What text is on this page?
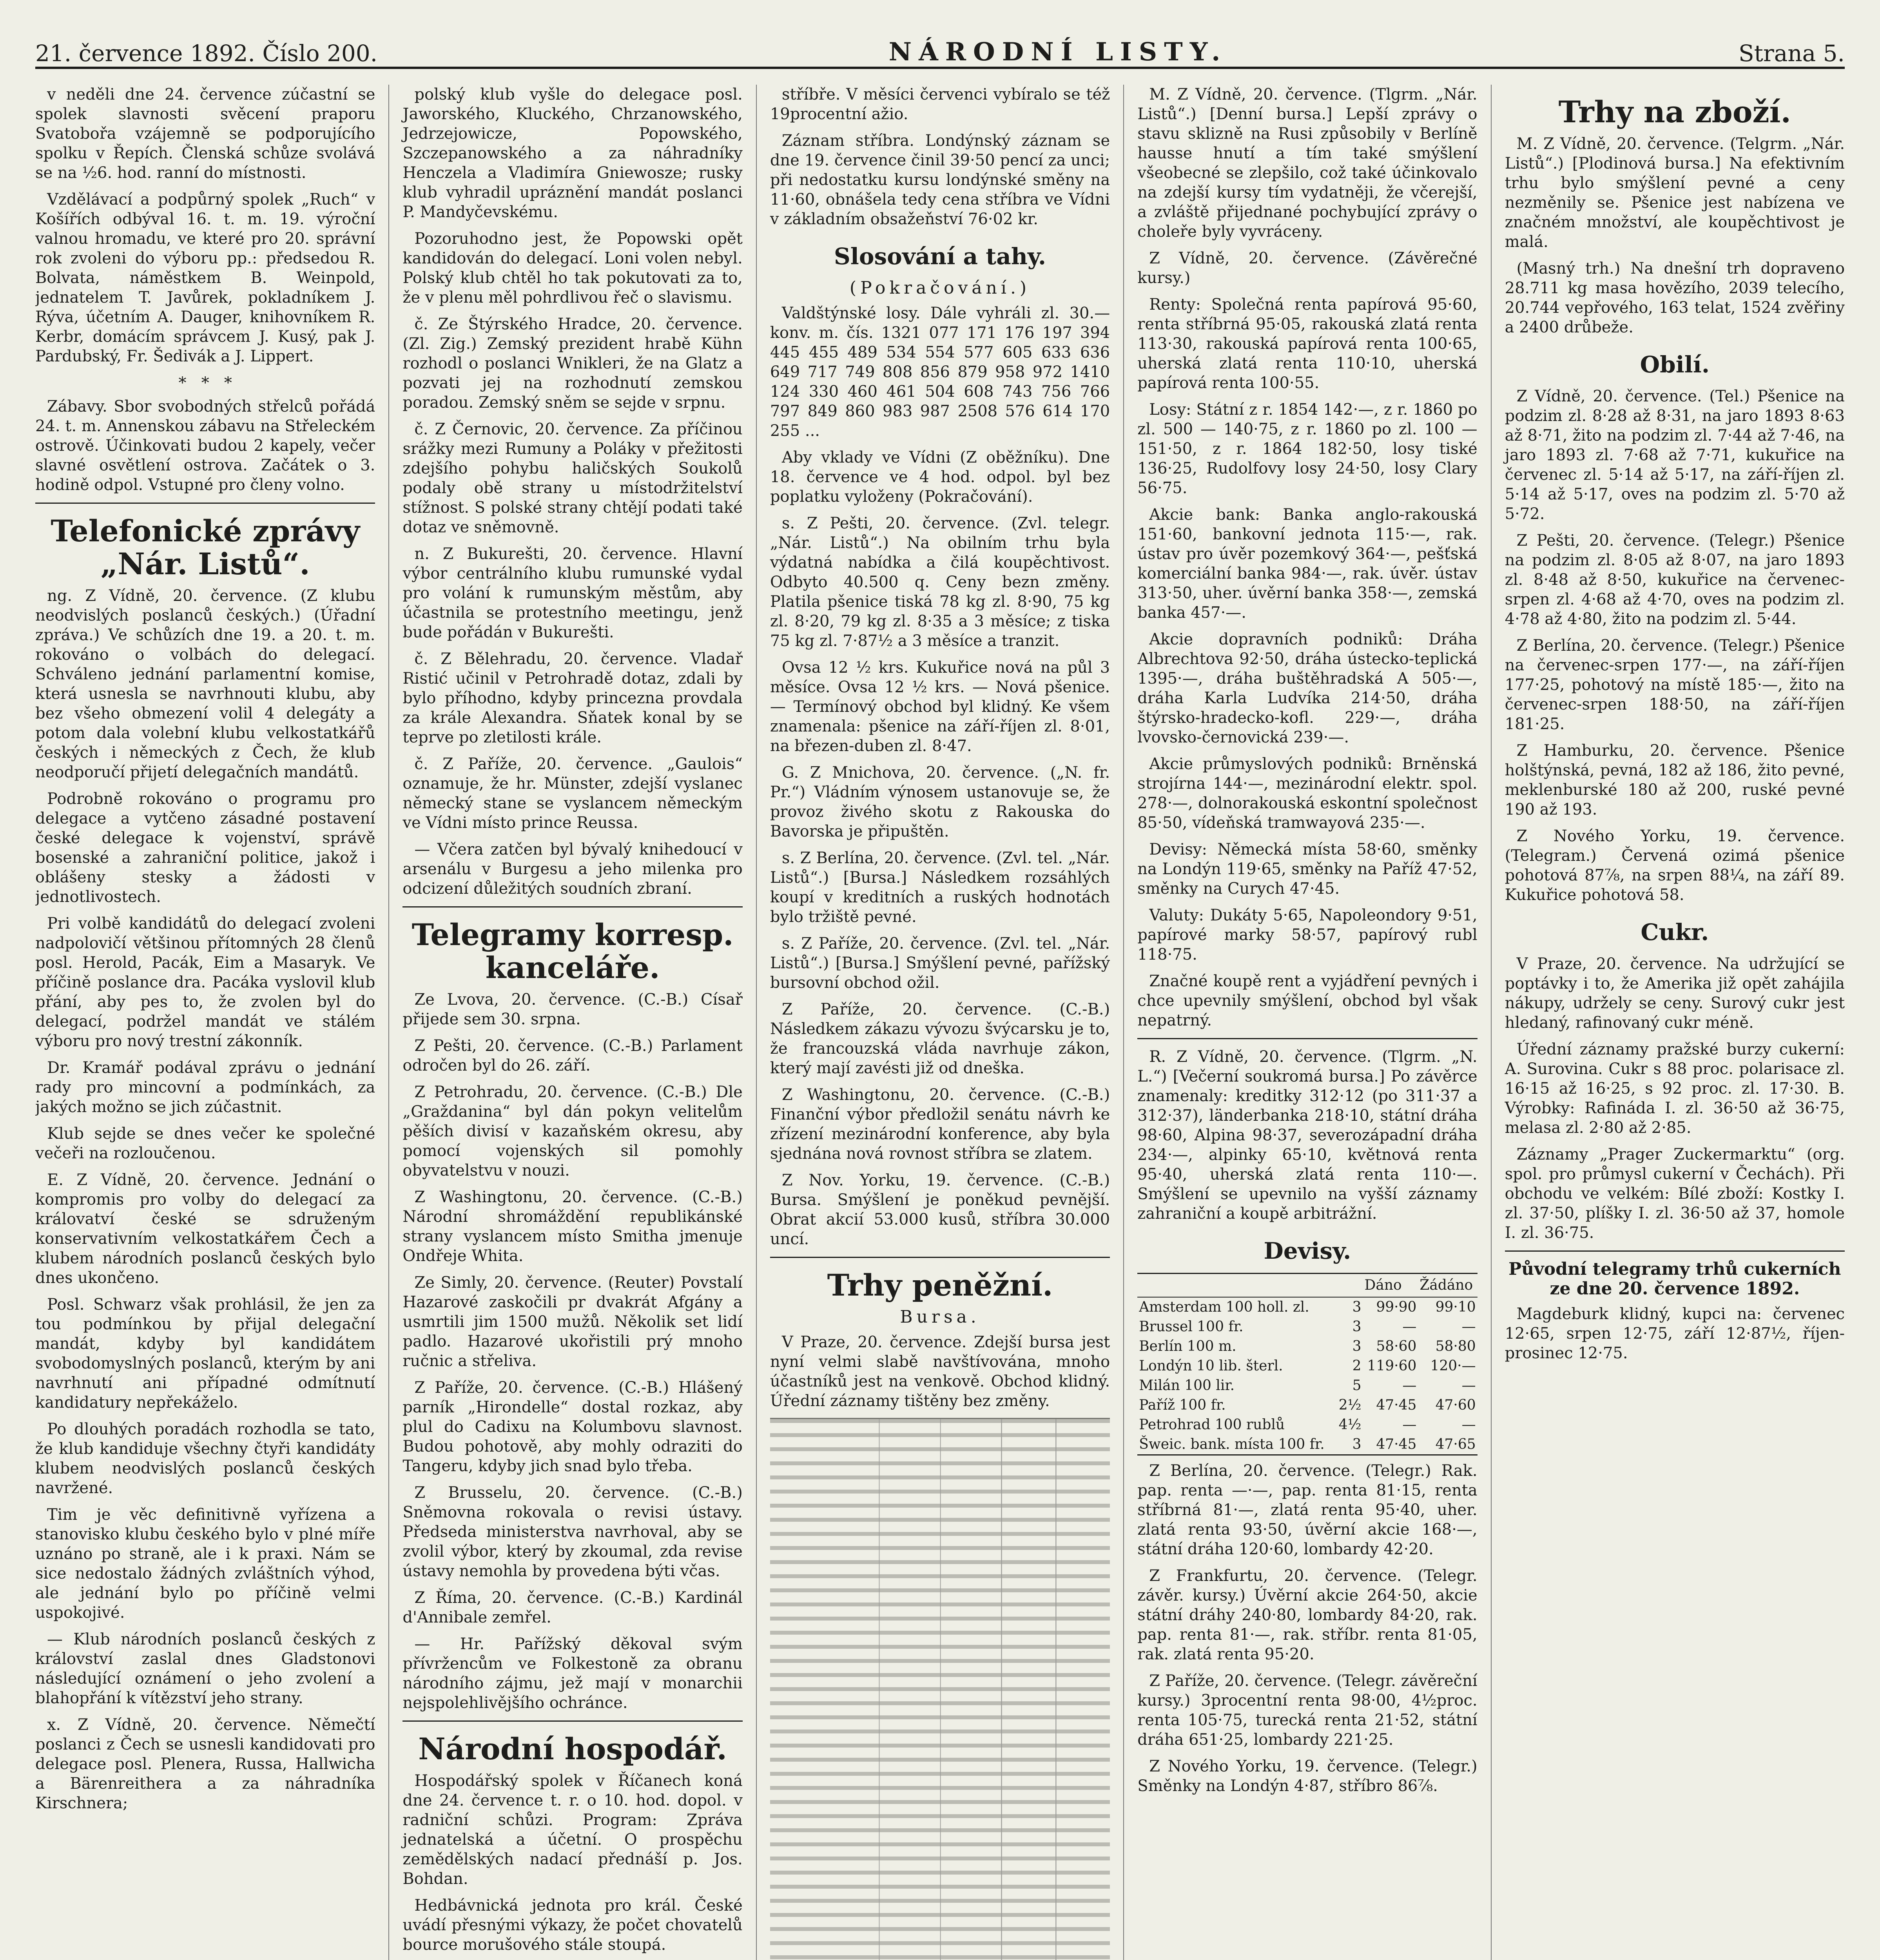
21. července 1892. Číslo 200.	NÁRODNÍ LISTY.	Strana 5.

v neděli dne 24. července zúčastní se spolek slavnosti svěcení praporu Svatobořa vzájemně se podporujícího spolku v Řepích. Členská schůze svolává se na ½6. hod. ranní do místnosti.

Vzdělávací a podpůrný spolek „Ruch“ v Košířích odbýval 16. t. m. 19. výroční valnou hromadu, ve které pro 20. správní rok zvoleni do výboru pp.: předsedou R. Bolvata, náměstkem B. Weinpold, jednatelem T. Javůrek, pokladníkem J. Rýva, účetním A. Dauger, knihovníkem R. Kerbr, domácím správcem J. Kusý, pak J. Pardubský, Fr. Šedivák a J. Lippert.

*   *   *

Zábavy. Sbor svobodných střelců pořádá 24. t. m. Annenskou zábavu na Střeleckém ostrově. Účinkovati budou 2 kapely, večer slavné osvětlení ostrova. Začátek o 3. hodině odpol. Vstupné pro členy volno.

Telefonické zprávy „Nár. Listů“.

ng. Z Vídně, 20. července. (Z klubu neodvislých poslanců českých.) (Úřadní zpráva.) Ve schůzích dne 19. a 20. t. m. rokováno o volbách do delegací. Schváleno jednání parlamentní komise, která usnesla se navrhnouti klubu, aby bez všeho obmezení volil 4 delegáty a potom dala volební klubu velkostatkářů českých i německých z Čech, že klub neodporučí přijetí delegačních mandátů.

Podrobně rokováno o programu pro delegace a vytčeno zásadné postavení české delegace k vojenství, správě bosenské a zahraniční politice, jakož i oblášeny stesky a žádosti v jednotlivostech.

Pri volbě kandidátů do delegací zvoleni nadpolovičí většinou přítomných 28 členů posl. Herold, Pacák, Eim a Masaryk. Ve příčině poslance dra. Pacáka vyslovil klub přání, aby pes to, že zvolen byl do delegací, podržel mandát ve stálém výboru pro nový trestní zákonník.

Dr. Kramář podával zprávu o jednání rady pro mincovní a podmínkách, za jakých možno se jich zúčastnit.

Klub sejde se dnes večer ke společné večeři na rozloučenou.

E. Z Vídně, 20. července. Jednání o kompromis pro volby do delegací za královatví české se sdruženým konservativním velkostatkářem Čech a klubem národních poslanců českých bylo dnes ukončeno.

Posl. Schwarz však prohlásil, že jen za tou podmínkou by přijal delegační mandát, kdyby byl kandidátem svobodomyslných poslanců, kterým by ani navrhnutí ani případné odmítnutí kandidatury nepřekáželo.

Po dlouhých poradách rozhodla se tato, že klub kandiduje všechny čtyři kandidáty klubem neodvislých poslanců českých navržené.

Tim je věc definitivně vyřízena a stanovisko klubu českého bylo v plné míře uznáno po straně, ale i k praxi. Nám se sice nedostalo žádných zvláštních výhod, ale jednání bylo po příčině velmi uspokojivé.

— Klub národních poslanců českých z království zaslal dnes Gladstonovi následující oznámení o jeho zvolení a blahopřání k vítězství jeho strany.

x. Z Vídně, 20. července. Němečtí poslanci z Čech se usnesli kandidovati pro delegace posl. Plenera, Russa, Hallwicha a Bärenreithera a za náhradníka Kirschnera;

polský klub vyšle do delegace posl. Jaworského, Kluckého, Chrzanowského, Jedrzejowicze, Popowského, Szczepanowského a za náhradníky Henczela a Vladimíra Gniewosze; rusky klub vyhradil upráznění mandát poslanci P. Mandyčevskému.

Pozoruhodno jest, že Popowski opět kandidován do delegací. Loni volen nebyl. Polský klub chtěl ho tak pokutovati za to, že v plenu měl pohrdlivou řeč o slavismu.

č. Ze Štýrského Hradce, 20. července. (Zl. Zig.) Zemský prezident hrabě Kühn rozhodl o poslanci Wnikleri, že na Glatz a pozvati jej na rozhodnutí zemskou poradou. Zemský sněm se sejde v srpnu.

č. Z Černovic, 20. července. Za příčinou srážky mezi Rumuny a Poláky v přežitosti zdejšího pohybu haličských Soukolů podaly obě strany u místodržitelství stížnost. S polské strany chtějí podati také dotaz ve sněmovně.

n. Z Bukurešti, 20. července. Hlavní výbor centrálního klubu rumunské vydal pro volání k rumunským městům, aby účastnila se protestního meetingu, jenž bude pořádán v Bukurešti.

č. Z Bělehradu, 20. července. Vladař Ristić učinil v Petrohradě dotaz, zdali by bylo příhodno, kdyby princezna provdala za krále Alexandra. Sňatek konal by se teprve po zletilosti krále.

č. Z Paříže, 20. července. „Gaulois“ oznamuje, že hr. Münster, zdejší vyslanec německý stane se vyslancem německým ve Vídni místo prince Reussa.

— Včera zatčen byl bývalý knihedoucí v arsenálu v Burgesu a jeho milenka pro odcizení důležitých soudních zbraní.

Telegramy korresp. kanceláře.

Ze Lvova, 20. července. (C.-B.) Císař přijede sem 30. srpna.

Z Pešti, 20. července. (C.-B.) Parlament odročen byl do 26. září.

Z Petrohradu, 20. července. (C.-B.) Dle „Graždanina“ byl dán pokyn velitelům pěších divisí v kazaňském okresu, aby pomocí vojenských sil pomohly obyvatelstvu v nouzi.

Z Washingtonu, 20. července. (C.-B.) Národní shromáždění republikánské strany vyslancem místo Smitha jmenuje Ondřeje Whita.

Ze Simly, 20. července. (Reuter) Povstalí Hazarové zaskočili pr dvakrát Afgány a usmrtili jim 1500 mužů. Několik set lidí padlo. Hazarové ukořistili prý mnoho ručnic a střeliva.

Z Paříže, 20. července. (C.-B.) Hlášený parník „Hirondelle“ dostal rozkaz, aby plul do Cadixu na Kolumbovu slavnost. Budou pohotově, aby mohly odraziti do Tangeru, kdyby jich snad bylo třeba.

Z Brusselu, 20. července. (C.-B.) Sněmovna rokovala o revisi ústavy. Předseda ministerstva navrhoval, aby se zvolil výbor, který by zkoumal, zda revise ústavy nemohla by provedena býti včas.

Z Říma, 20. července. (C.-B.) Kardinál d'Annibale zemřel.

— Hr. Pařížský děkoval svým přívržencům ve Folkestoně za obranu národního zájmu, jež mají v monarchii nejspolehlivějšího ochránce.

Národní hospodář.

Hospodářský spolek v Říčanech koná dne 24. července t. r. o 10. hod. dopol. v radniční schůzi. Program: Zpráva jednatelská a účetní. O prospěchu zemědělských nadací přednáší p. Jos. Bohdan.

Hedbávnická jednota pro král. České uvádí přesnými výkazy, že počet chovatelů bource morušového stále stoupá.

stříbře. V měsíci červenci vybíralo se též 19procentní ažio.

Záznam stříbra. Londýnský záznam se dne 19. července činil 39·50 pencí za unci; při nedostatku kursu londýnské směny na 11·60, obnášela tedy cena stříbra ve Vídni v základním obsažeňství 76·02 kr.

Slosování a tahy.
(Pokračování.)

Valdštýnské losy. Dále vyhráli zl. 30.— konv. m. čís. 1321 077 171 176 197 394 445 455 489 534 554 577 605 633 636 649 717 749 808 856 879 958 972 1410 124 330 460 461 504 608 743 756 766 797 849 860 983 987 2508 576 614 170 255 ...

Aby vklady ve Vídni (Z oběžníku). Dne 18. července ve 4 hod. odpol. byl bez poplatku vyloženy (Pokračování).

s. Z Pešti, 20. července. (Zvl. telegr. „Nár. Listů“.) Na obilním trhu byla výdatná nabídka a čilá koupěchtivost. Odbyto 40.500 q. Ceny bezn změny. Platila pšenice tiská 78 kg zl. 8·90, 75 kg zl. 8·20, 79 kg zl. 8·35 a 3 měsíce; z tiska 75 kg zl. 7·87½ a 3 měsíce a tranzit.

Ovsa 12 ½ krs. Kukuřice nová na půl 3 měsíce. Ovsa 12 ½ krs. — Nová pšenice. — Termínový obchod byl klidný. Ke všem znamenala: pšenice na září-říjen zl. 8·01, na březen-duben zl. 8·47.

G. Z Mnichova, 20. července. („N. fr. Pr.“) Vládním výnosem ustanovuje se, že provoz živého skotu z Rakouska do Bavorska je připuštěn.

s. Z Berlína, 20. července. (Zvl. tel. „Nár. Listů“.) [Bursa.] Následkem rozsáhlých koupí v kreditních a ruských hodnotách bylo tržiště pevné.

s. Z Paříže, 20. července. (Zvl. tel. „Nár. Listů“.) [Bursa.] Smýšlení pevné, pařížský bursovní obchod ožil.

Z Paříže, 20. července. (C.-B.) Následkem zákazu vývozu švýcarsku je to, že francouzská vláda navrhuje zákon, který mají zavésti již od dneška.

Z Washingtonu, 20. července. (C.-B.) Finanční výbor předložil senátu návrh ke zřízení mezinárodní konference, aby byla sjednána nová rovnost stříbra se zlatem.

Z Nov. Yorku, 19. července. (C.-B.) Bursa. Smýšlení je poněkud pevnější. Obrat akcií 53.000 kusů, stříbra 30.000 uncí.

Trhy peněžní.
Bursa.

V Praze, 20. července. Zdejší bursa jest nyní velmi slabě navštívována, mnoho účastníků jest na venkově. Obchod klidný. Úřední záznamy tištěny bez změny.

M. Z Vídně, 20. července. (Tlgrm. „Nár. Listů“.) [Denní bursa.] Lepší zprávy o stavu sklizně na Rusi způsobily v Berlíně hausse hnutí a tím také smýšlení všeobecné se zlepšilo, což také účinkovalo na zdejší kursy tím vydatněji, že včerejší, a zvláště přijednané pochybující zprávy o choleře byly vyvráceny.

Z Vídně, 20. července. (Závěrečné kursy.)

Renty: Společná renta papírová 95·60, renta stříbrná 95·05, rakouská zlatá renta 113·30, rakouská papírová renta 100·65, uherská zlatá renta 110·10, uherská papírová renta 100·55.

Losy: Státní z r. 1854 142·—, z r. 1860 po zl. 500 — 140·75, z r. 1860 po zl. 100 — 151·50, z r. 1864 182·50, losy tiské 136·25, Rudolfovy losy 24·50, losy Clary 56·75.

Akcie bank: Banka anglo-rakouská 151·60, bankovní jednota 115·—, rak. ústav pro úvěr pozemkový 364·—, pešťská komerciální banka 984·—, rak. úvěr. ústav 313·50, uher. úvěrní banka 358·—, zemská banka 457·—.

Akcie dopravních podniků: Dráha Albrechtova 92·50, dráha ústecko-teplická 1395·—, dráha buštěhradská A 505·—, dráha Karla Ludvíka 214·50, dráha štýrsko-hradecko-kofl. 229·—, dráha lvovsko-černovická 239·—.

Akcie průmyslových podniků: Brněnská strojírna 144·—, mezinárodní elektr. spol. 278·—, dolnorakouská eskontní společnost 85·50, vídeňská tramwayová 235·—.

Devisy: Německá místa 58·60, směnky na Londýn 119·65, směnky na Paříž 47·52, směnky na Curych 47·45.

Valuty: Dukáty 5·65, Napoleondory 9·51, papírové marky 58·57, papírový rubl 118·75.

Značné koupě rent a vyjádření pevných i chce upevnily smýšlení, obchod byl však nepatrný.

R. Z Vídně, 20. července. (Tlgrm. „N. L.“) [Večerní soukromá bursa.] Po závěrce znamenaly: kreditky 312·12 (po 311·37 a 312·37), länderbanka 218·10, státní dráha 98·60, Alpina 98·37, severozápadní dráha 234·—, alpinky 65·10, květnová renta 95·40, uherská zlatá renta 110·—. Smýšlení se upevnilo na vyšší záznamy zahraniční a koupě arbitrážní.

Devisy.
		Dáno	Žádáno
Amsterdam 100 holl. zl.	3	99·90	99·10
Brussel 100 fr.	3	—	—
Berlín 100 m.	3	58·60	58·80
Londýn 10 lib. šterl.	2	119·60	120·—
Milán 100 lir.	5	—	—
Paříž 100 fr.	2½	47·45	47·60
Petrohrad 100 rublů	4½	—	—
Šweic. bank. místa 100 fr.	3	47·45	47·65

Z Berlína, 20. července. (Telegr.) Rak. pap. renta —·—, pap. renta 81·15, renta stříbrná 81·—, zlatá renta 95·40, uher. zlatá renta 93·50, úvěrní akcie 168·—, státní dráha 120·60, lombardy 42·20.

Z Frankfurtu, 20. července. (Telegr. závěr. kursy.) Úvěrní akcie 264·50, akcie státní dráhy 240·80, lombardy 84·20, rak. pap. renta 81·—, rak. stříbr. renta 81·05, rak. zlatá renta 95·20.

Z Paříže, 20. července. (Telegr. závěreční kursy.) 3procentní renta 98·00, 4½proc. renta 105·75, turecká renta 21·52, státní dráha 651·25, lombardy 221·25.

Z Nového Yorku, 19. července. (Telegr.) Směnky na Londýn 4·87, stříbro 86⅞.

Trhy na zboží.

M. Z Vídně, 20. července. (Telgrm. „Nár. Listů“.) [Plodinová bursa.] Na efektivním trhu bylo smýšlení pevné a ceny nezměnily se. Pšenice jest nabízena ve značném množství, ale koupěchtivost je malá.

(Masný trh.) Na dnešní trh dopraveno 28.711 kg masa hovězího, 2039 telecího, 20.744 vepřového, 163 telat, 1524 zvěřiny a 2400 drůbeže.

Obilí.

Z Vídně, 20. července. (Tel.) Pšenice na podzim zl. 8·28 až 8·31, na jaro 1893 8·63 až 8·71, žito na podzim zl. 7·44 až 7·46, na jaro 1893 zl. 7·68 až 7·71, kukuřice na červenec zl. 5·14 až 5·17, na září-říjen zl. 5·14 až 5·17, oves na podzim zl. 5·70 až 5·72.

Z Pešti, 20. července. (Telegr.) Pšenice na podzim zl. 8·05 až 8·07, na jaro 1893 zl. 8·48 až 8·50, kukuřice na červenec-srpen zl. 4·68 až 4·70, oves na podzim zl. 4·78 až 4·80, žito na podzim zl. 5·44.

Z Berlína, 20. července. (Telegr.) Pšenice na červenec-srpen 177·—, na září-říjen 177·25, pohotový na místě 185·—, žito na červenec-srpen 188·50, na září-říjen 181·25.

Z Hamburku, 20. července. Pšenice holštýnská, pevná, 182 až 186, žito pevné, meklenburské 180 až 200, ruské pevné 190 až 193.

Z Nového Yorku, 19. července. (Telegram.) Červená ozimá pšenice pohotová 87⅞, na srpen 88¼, na září 89. Kukuřice pohotová 58.

Cukr.

V Praze, 20. července. Na udržující se poptávky i to, že Amerika již opět zahájila nákupy, udržely se ceny. Surový cukr jest hledaný, rafinovaný cukr méně.

Úřední záznamy pražské burzy cukerní: A. Surovina. Cukr s 88 proc. polarisace zl. 16·15 až 16·25, s 92 proc. zl. 17·30. B. Výrobky: Rafináda I. zl. 36·50 až 36·75, melasa zl. 2·80 až 2·85.

Záznamy „Prager Zuckermarktu“ (org. spol. pro průmysl cukerní v Čechách). Při obchodu ve velkém: Bílé zboží: Kostky I. zl. 37·50, plíšky I. zl. 36·50 až 37, homole I. zl. 36·75.

Původní telegramy trhů cukerních ze dne 20. července 1892.

Magdeburk klidný, kupci na: červenec 12·65, srpen 12·75, září 12·87½, říjen-prosinec 12·75.
